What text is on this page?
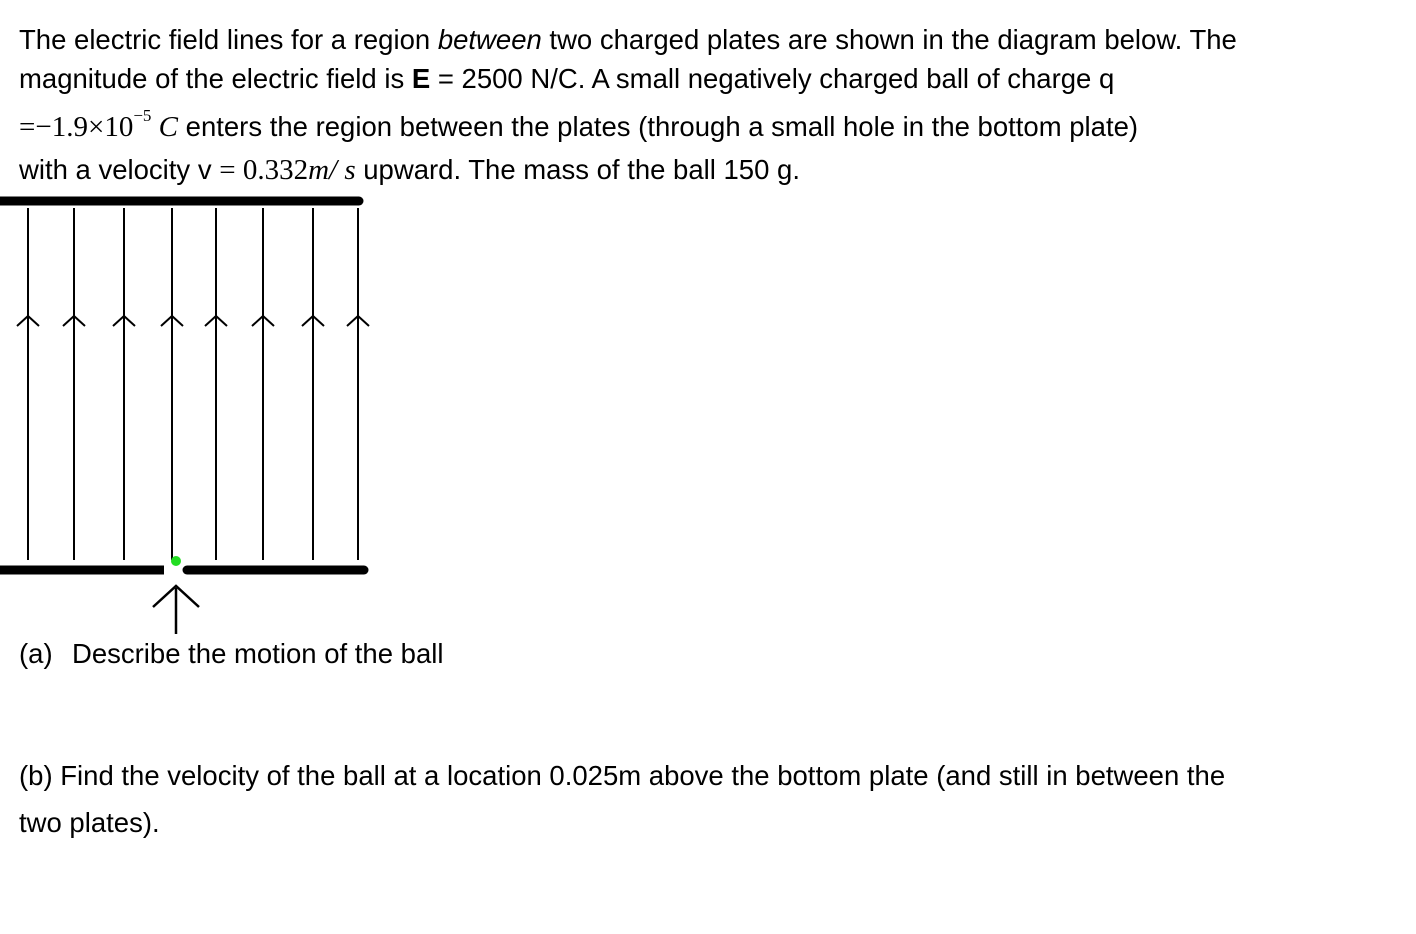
The electric field lines for a region between two charged plates are shown in the diagram below. The
magnitude of the electric field is E = 2500 N/C. A small negatively charged ball of charge q
$=-1.9\times 10^{-5}$ C enters the region between the plates (through a small hole in the bottom plate)
with a velocity v = 0.332m/ s upward. The mass of the ball 150 g.
(a) Describe the motion of the ball
(b) Find the velocity of the ball at a location 0.025m above the bottom plate (and still in between the
two plates).
